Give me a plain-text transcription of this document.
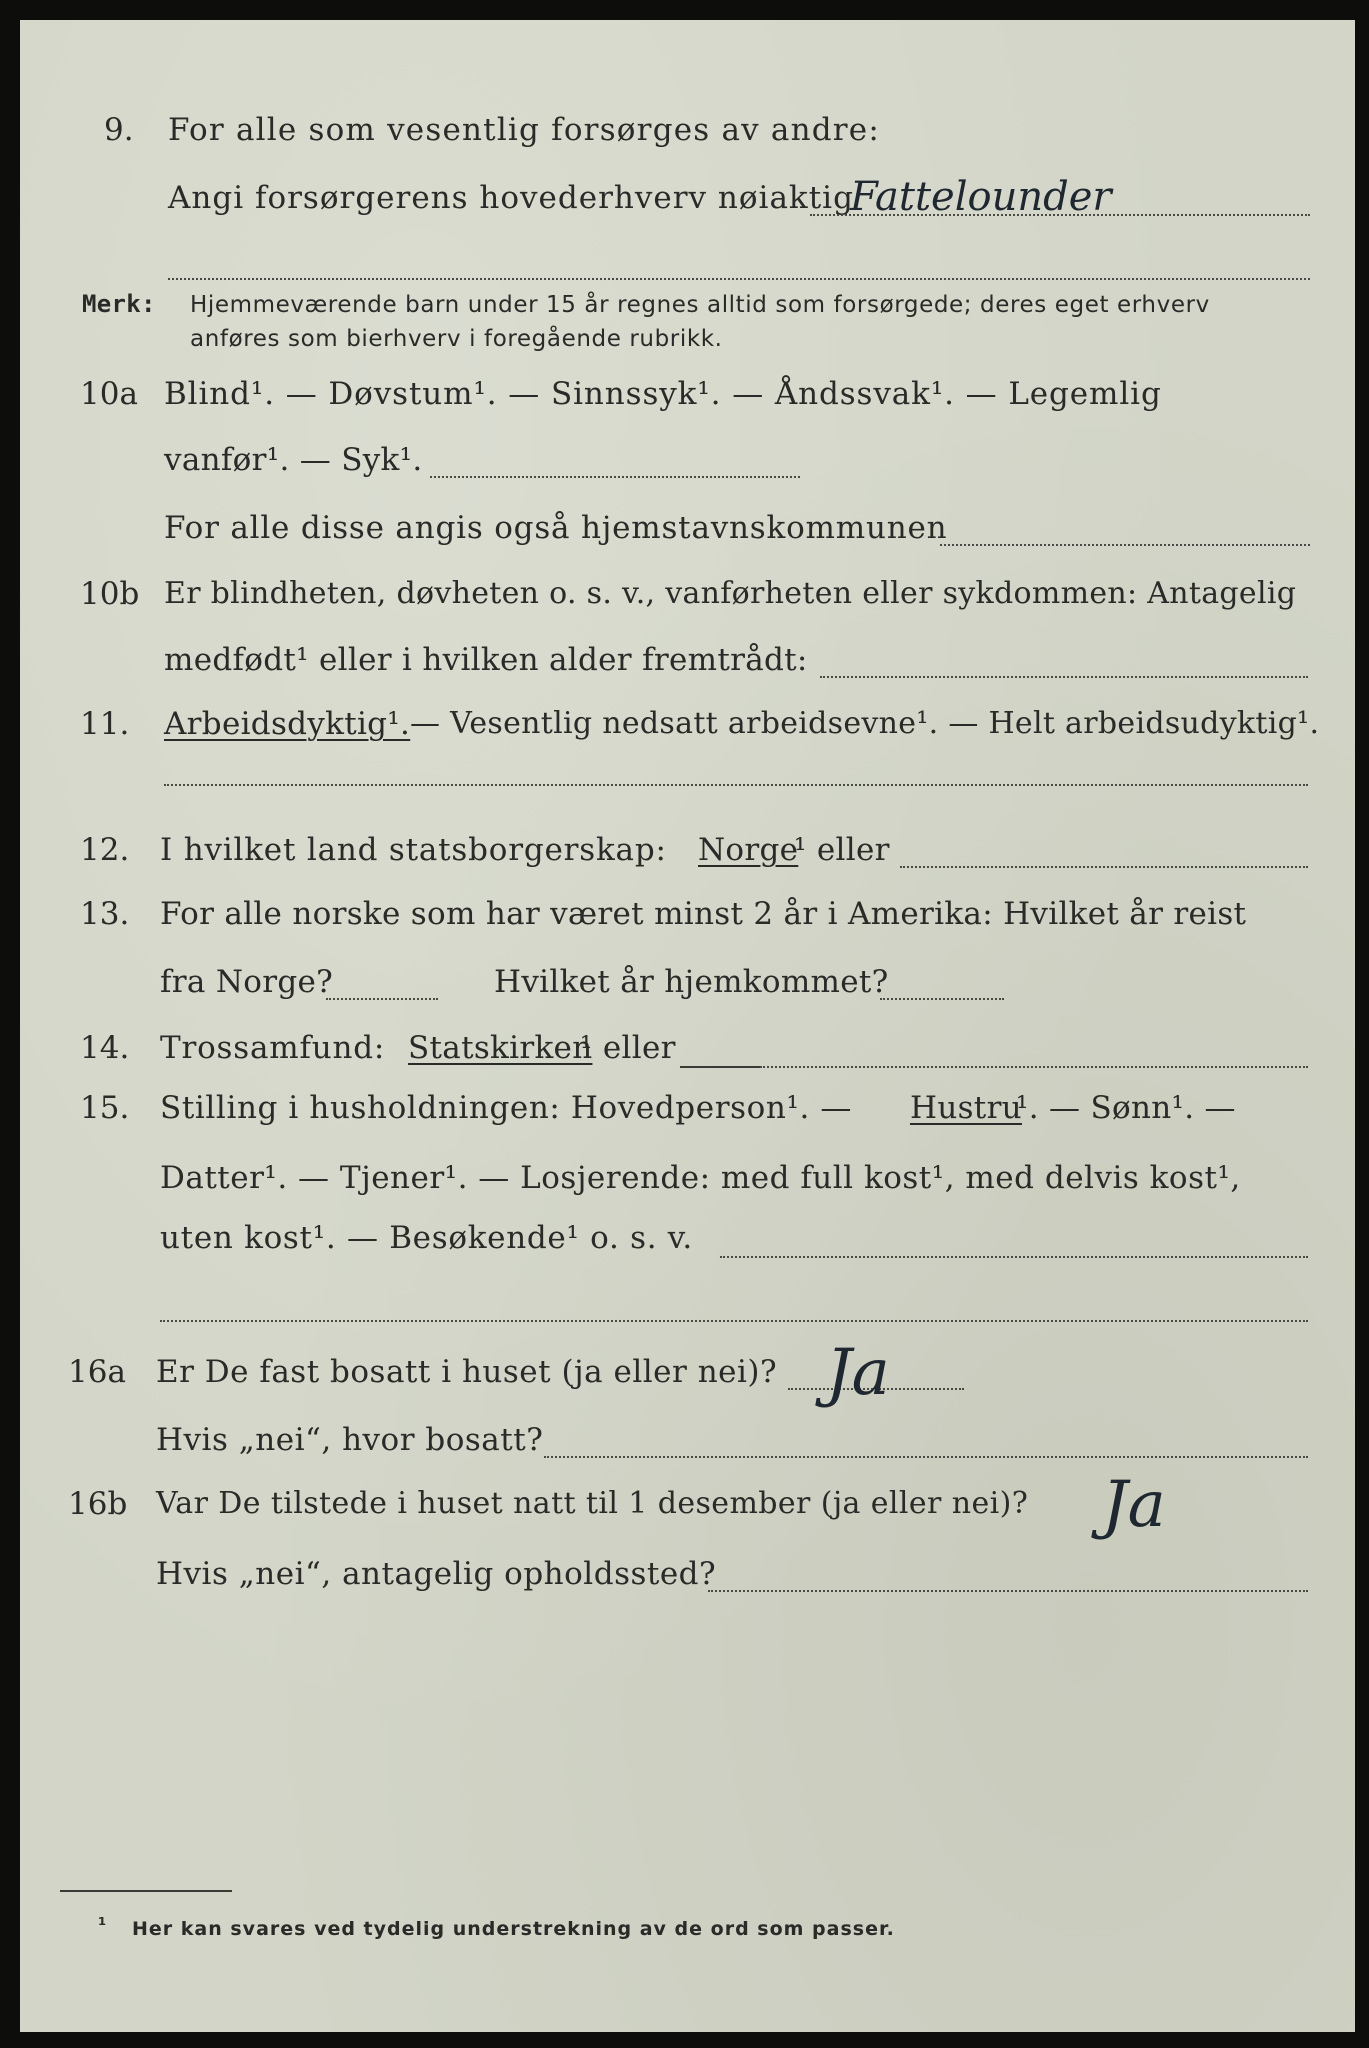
9. For alle som vesentlig forsørges av andre:
Angi forsørgerens hovederhverv nøiaktig
Fattelounder
Merk: Hjemmeværende barn under 15 år regnes alltid som forsørgede; deres eget erhverv
anføres som bierhverv i foregående rubrikk.
10a Blind¹. — Døvstum¹. — Sinnssyk¹. — Åndssvak¹. — Legemlig
vanfør¹. — Syk¹.
For alle disse angis også hjemstavnskommunen
10b Er blindheten, døvheten o. s. v., vanførheten eller sykdommen: Antagelig
medfødt¹ eller i hvilken alder fremtrådt:
11. Arbeidsdyktig¹. — Vesentlig nedsatt arbeidsevne¹. — Helt arbeidsudyktig¹.
12. I hvilket land statsborgerskap: Norge
¹ eller
13. For alle norske som har været minst 2 år i Amerika: Hvilket år reist
fra Norge?	Hvilket år hjemkommet?
14. Trossamfund: Statskirken
¹ eller
15. Stilling i husholdningen: Hovedperson¹. — Hustru
¹. — Sønn¹. —
Datter¹. — Tjener¹. — Losjerende: med full kost¹, med delvis kost¹,
uten kost¹. — Besøkende¹ o. s. v.
16a Er De fast bosatt i huset (ja eller nei)? Ja
Hvis „nei“, hvor bosatt?
16b Var De tilstede i huset natt til 1 desember (ja eller nei)? Ja
Hvis „nei“, antagelig opholdssted?
¹ Her kan svares ved tydelig understrekning av de ord som passer.
